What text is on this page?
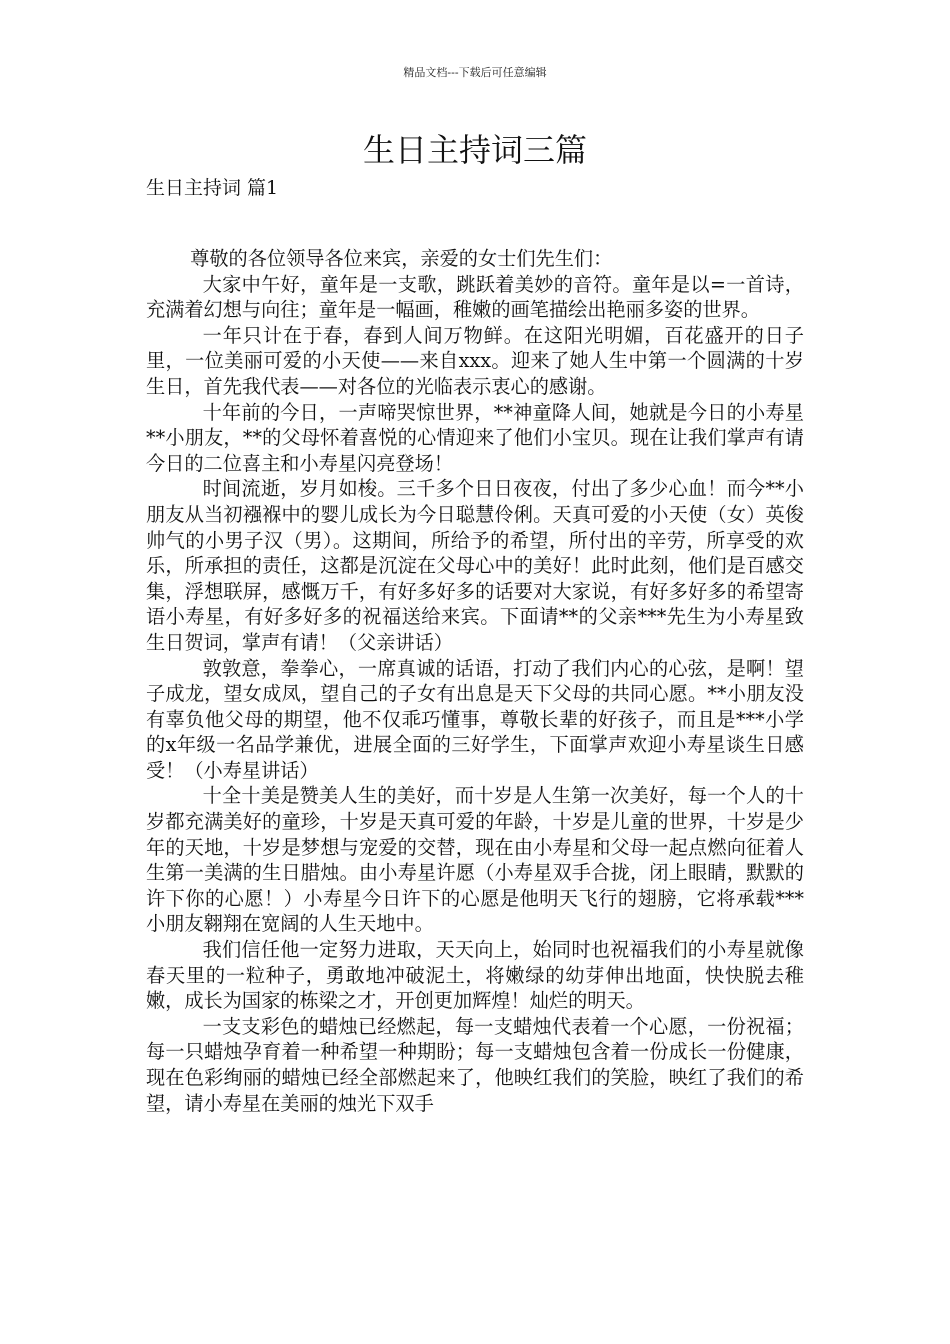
精品文档---下载后可任意编辑
生日主持词三篇
生日主持词 篇1

尊敬的各位领导各位来宾，亲爱的女士们先生们：

大家中午好，童年是一支歌，跳跃着美妙的音符。童年是以=一首诗，充满着幻想与向往；童年是一幅画，稚嫩的画笔描绘出艳丽多姿的世界。

一年只计在于春，春到人间万物鲜。在这阳光明媚，百花盛开的日子里，一位美丽可爱的小天使——来自xxx。迎来了她人生中第一个圆满的十岁生日，首先我代表——对各位的光临表示衷心的感谢。

十年前的今日，一声啼哭惊世界，**神童降人间，她就是今日的小寿星**小朋友，**的父母怀着喜悦的心情迎来了他们小宝贝。现在让我们掌声有请今日的二位喜主和小寿星闪亮登场！

时间流逝，岁月如梭。三千多个日日夜夜，付出了多少心血！而今**小朋友从当初襁褓中的婴儿成长为今日聪慧伶俐。天真可爱的小天使（女）英俊帅气的小男子汉（男）。这期间，所给予的希望，所付出的辛劳，所享受的欢乐，所承担的责任，这都是沉淀在父母心中的美好！此时此刻，他们是百感交集，浮想联屏，感慨万千，有好多好多的话要对大家说，有好多好多的希望寄语小寿星，有好多好多的祝福送给来宾。下面请**的父亲***先生为小寿星致生日贺词，掌声有请！（父亲讲话）

敦敦意，拳拳心，一席真诚的话语，打动了我们内心的心弦，是啊！望子成龙，望女成凤，望自己的子女有出息是天下父母的共同心愿。**小朋友没有辜负他父母的期望，他不仅乖巧懂事，尊敬长辈的好孩子，而且是***小学的x年级一名品学兼优，进展全面的三好学生，下面掌声欢迎小寿星谈生日感受！（小寿星讲话）

十全十美是赞美人生的美好，而十岁是人生第一次美好，每一个人的十岁都充满美好的童珍，十岁是天真可爱的年龄，十岁是儿童的世界，十岁是少年的天地，十岁是梦想与宠爱的交替，现在由小寿星和父母一起点燃向征着人生第一美满的生日腊烛。由小寿星许愿（小寿星双手合拢，闭上眼睛，默默的许下你的心愿！）小寿星今日许下的心愿是他明天飞行的翅膀，它将承载***小朋友翱翔在宽阔的人生天地中。

我们信任他一定努力进取，天天向上，始同时也祝福我们的小寿星就像春天里的一粒种子，勇敢地冲破泥土，将嫩绿的幼芽伸出地面，快快脱去稚嫩，成长为国家的栋梁之才，开创更加辉煌！灿烂的明天。

一支支彩色的蜡烛已经燃起，每一支蜡烛代表着一个心愿，一份祝福；每一只蜡烛孕育着一种希望一种期盼；每一支蜡烛包含着一份成长一份健康，现在色彩绚丽的蜡烛已经全部燃起来了，他映红我们的笑脸，映红了我们的希望，请小寿星在美丽的烛光下双手
